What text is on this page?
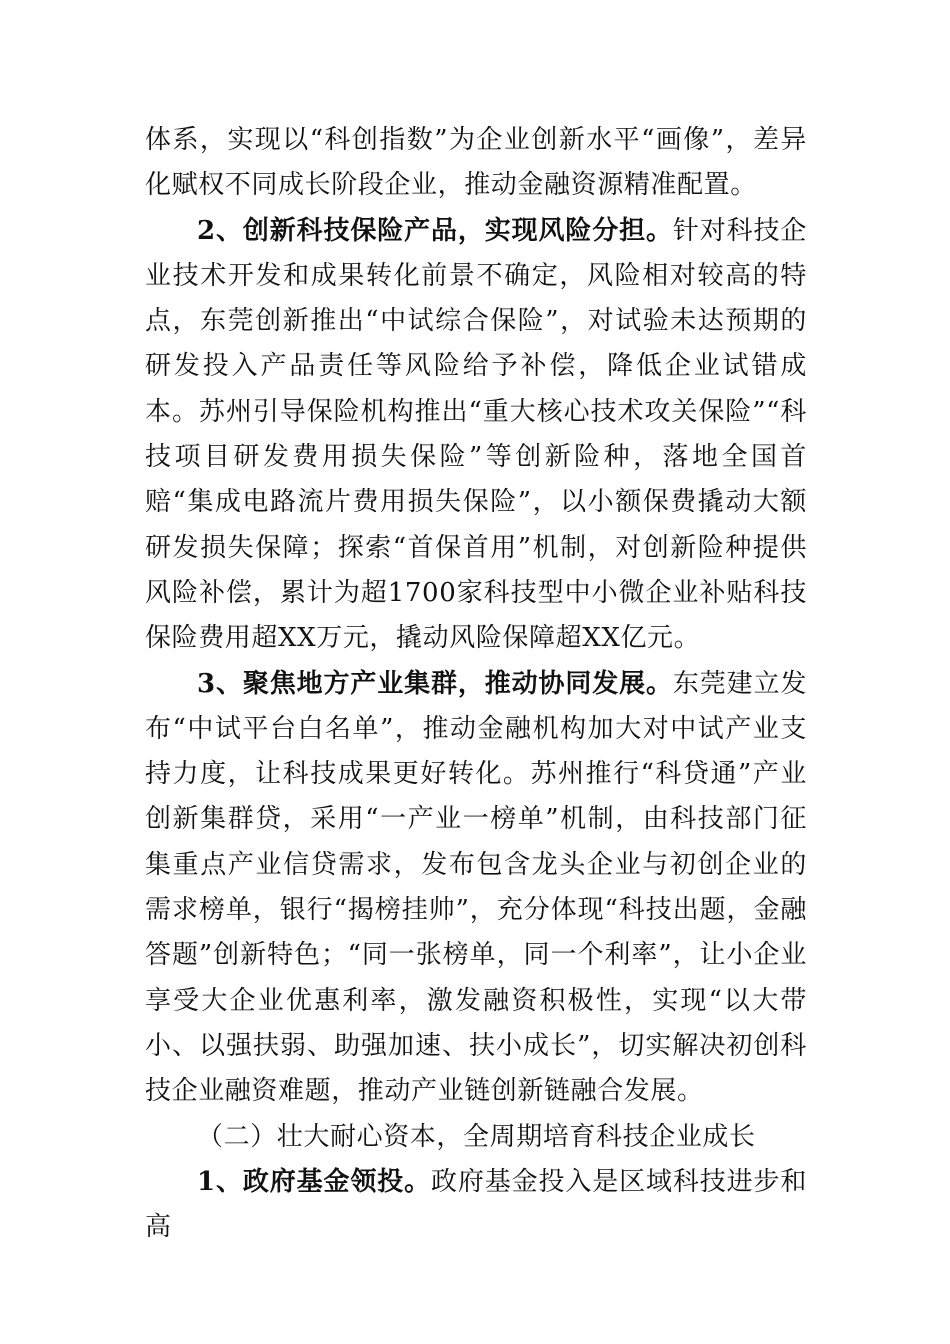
体系，实现以“科创指数”为企业创新水平“画像”，差异化赋权不同成长阶段企业，推动金融资源精准配置。

2、创新科技保险产品，实现风险分担。针对科技企业技术开发和成果转化前景不确定，风险相对较高的特点，东莞创新推出“中试综合保险”，对试验未达预期的研发投入产品责任等风险给予补偿，降低企业试错成本。苏州引导保险机构推出“重大核心技术攻关保险”“科技项目研发费用损失保险”等创新险种，落地全国首赔“集成电路流片费用损失保险”，以小额保费撬动大额研发损失保障；探索“首保首用”机制，对创新险种提供风险补偿，累计为超1700家科技型中小微企业补贴科技保险费用超XX万元，撬动风险保障超XX亿元。

3、聚焦地方产业集群，推动协同发展。东莞建立发布“中试平台白名单”，推动金融机构加大对中试产业支持力度，让科技成果更好转化。苏州推行“科贷通”产业创新集群贷，采用“一产业一榜单”机制，由科技部门征集重点产业信贷需求，发布包含龙头企业与初创企业的需求榜单，银行“揭榜挂帅”，充分体现“科技出题，金融答题”创新特色；“同一张榜单，同一个利率”，让小企业享受大企业优惠利率，激发融资积极性，实现“以大带小、以强扶弱、助强加速、扶小成长”，切实解决初创科技企业融资难题，推动产业链创新链融合发展。

（二）壮大耐心资本，全周期培育科技企业成长

1、政府基金领投。政府基金投入是区域科技进步和高
